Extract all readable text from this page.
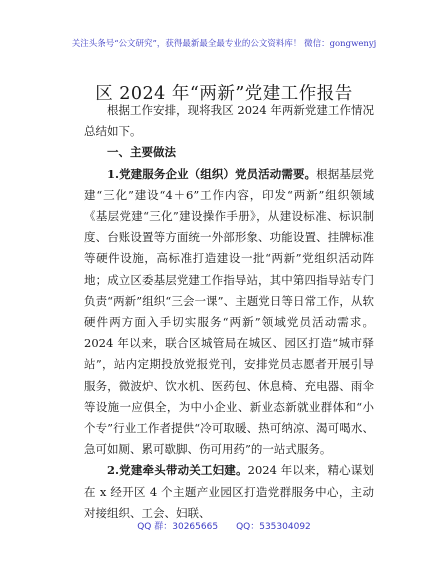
关注头条号“公文研究”，获得最新最全最专业的公文资料库！ 微信：gongwenyj
区 2024 年“两新”党建工作报告

根据工作安排，现将我区 2024 年两新党建工作情况总结如下。

一、主要做法

1.党建服务企业（组织）党员活动需要。根据基层党建“三化”建设“4＋6”工作内容，印发“两新”组织领域《基层党建“三化”建设操作手册》，从建设标准、标识制度、台账设置等方面统一外部形象、功能设置、挂牌标准等硬件设施，高标准打造建设一批“两新”党组织活动阵地；成立区委基层党建工作指导站，其中第四指导站专门负责“两新”组织“三会一课”、主题党日等日常工作，从软硬件两方面入手切实服务“两新”领域党员活动需求。2024 年以来，联合区城管局在城区、园区打造“城市驿站”，站内定期投放党报党刊，安排党员志愿者开展引导服务，微波炉、饮水机、医药包、休息椅、充电器、雨伞等设施一应俱全，为中小企业、新业态新就业群体和“小个专”行业工作者提供“冷可取暖、热可纳凉、渴可喝水、急可如厕、累可歇脚、伤可用药”的一站式服务。

2.党建牵头带动关工妇建。2024 年以来，精心谋划在 x 经开区 4 个主题产业园区打造党群服务中心，主动对接组织、工会、妇联、

QQ 群：30265665 QQ：535304092
